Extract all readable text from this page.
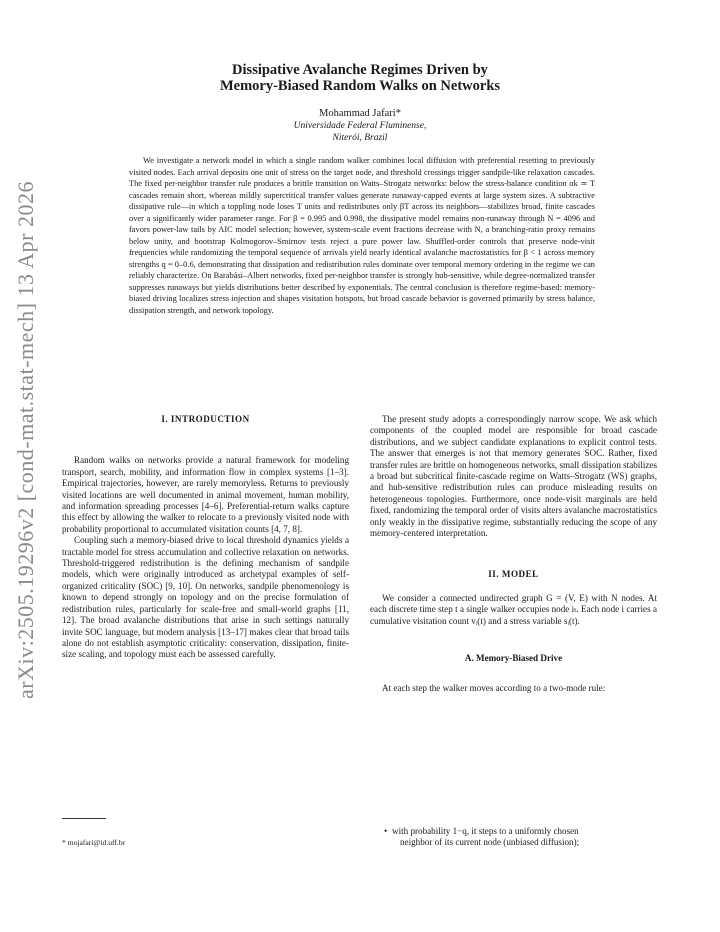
arXiv:2505.19296v2 [cond-mat.stat-mech] 13 Apr 2026
Dissipative Avalanche Regimes Driven by
Memory-Biased Random Walks on Networks
Mohammad Jafari*
Universidade Federal Fluminense,
Niterói, Brazil

We investigate a network model in which a single random walker combines local diffusion with preferential resetting to previously visited nodes. Each arrival deposits one unit of stress on the target node, and threshold crossings trigger sandpile-like relaxation cascades. The fixed per-neighbor transfer rule produces a brittle transition on Watts–Strogatz networks: below the stress-balance condition αk ≃ T cascades remain short, whereas mildly supercritical transfer values generate runaway-capped events at large system sizes. A subtractive dissipative rule—in which a toppling node loses T units and redistributes only βT across its neighbors—stabilizes broad, finite cascades over a significantly wider parameter range. For β = 0.995 and 0.998, the dissipative model remains non-runaway through N = 4096 and favors power-law tails by AIC model selection; however, system-scale event fractions decrease with N, a branching-ratio proxy remains below unity, and bootstrap Kolmogorov–Smirnov tests reject a pure power law. Shuffled-order controls that preserve node-visit frequencies while randomizing the temporal sequence of arrivals yield nearly identical avalanche macrostatistics for β < 1 across memory strengths q = 0–0.6, demonstrating that dissipation and redistribution rules dominate over temporal memory ordering in the regime we can reliably characterize. On Barabási–Albert networks, fixed per-neighbor transfer is strongly hub-sensitive, while degree-normalized transfer suppresses runaways but yields distributions better described by exponentials. The central conclusion is therefore regime-based: memory-biased driving localizes stress injection and shapes visitation hotspots, but broad cascade behavior is governed primarily by stress balance, dissipation strength, and network topology.

I. INTRODUCTION

Random walks on networks provide a natural framework for modeling transport, search, mobility, and information flow in complex systems [1–3]. Empirical trajectories, however, are rarely memoryless. Returns to previously visited locations are well documented in animal movement, human mobility, and information spreading processes [4–6]. Preferential-return walks capture this effect by allowing the walker to relocate to a previously visited node with probability proportional to accumulated visitation counts [4, 7, 8].

Coupling such a memory-biased drive to local threshold dynamics yields a tractable model for stress accumulation and collective relaxation on networks. Threshold-triggered redistribution is the defining mechanism of sandpile models, which were originally introduced as archetypal examples of self-organized criticality (SOC) [9, 10]. On networks, sandpile phenomenology is known to depend strongly on topology and on the precise formulation of redistribution rules, particularly for scale-free and small-world graphs [11, 12]. The broad avalanche distributions that arise in such settings naturally invite SOC language, but modern analysis [13–17] makes clear that broad tails alone do not establish asymptotic criticality: conservation, dissipation, finite-size scaling, and topology must each be assessed carefully.

The present study adopts a correspondingly narrow scope. We ask which components of the coupled model are responsible for broad cascade distributions, and we subject candidate explanations to explicit control tests. The answer that emerges is not that memory generates SOC. Rather, fixed transfer rules are brittle on homogeneous networks, small dissipation stabilizes a broad but subcritical finite-cascade regime on Watts–Strogatz (WS) graphs, and hub-sensitive redistribution rules can produce misleading results on heterogeneous topologies. Furthermore, once node-visit marginals are held fixed, randomizing the temporal order of visits alters avalanche macrostatistics only weakly in the dissipative regime, substantially reducing the scope of any memory-centered interpretation.

II. MODEL

We consider a connected undirected graph G = (V, E) with N nodes. At each discrete time step t a single walker occupies node iₜ. Each node i carries a cumulative visitation count vᵢ(t) and a stress variable sᵢ(t).

A. Memory-Biased Drive

At each step the walker moves according to a two-mode rule:

• with probability 1−q, it steps to a uniformly chosen
neighbor of its current node (unbiased diffusion);
* mojafari@id.uff.br
